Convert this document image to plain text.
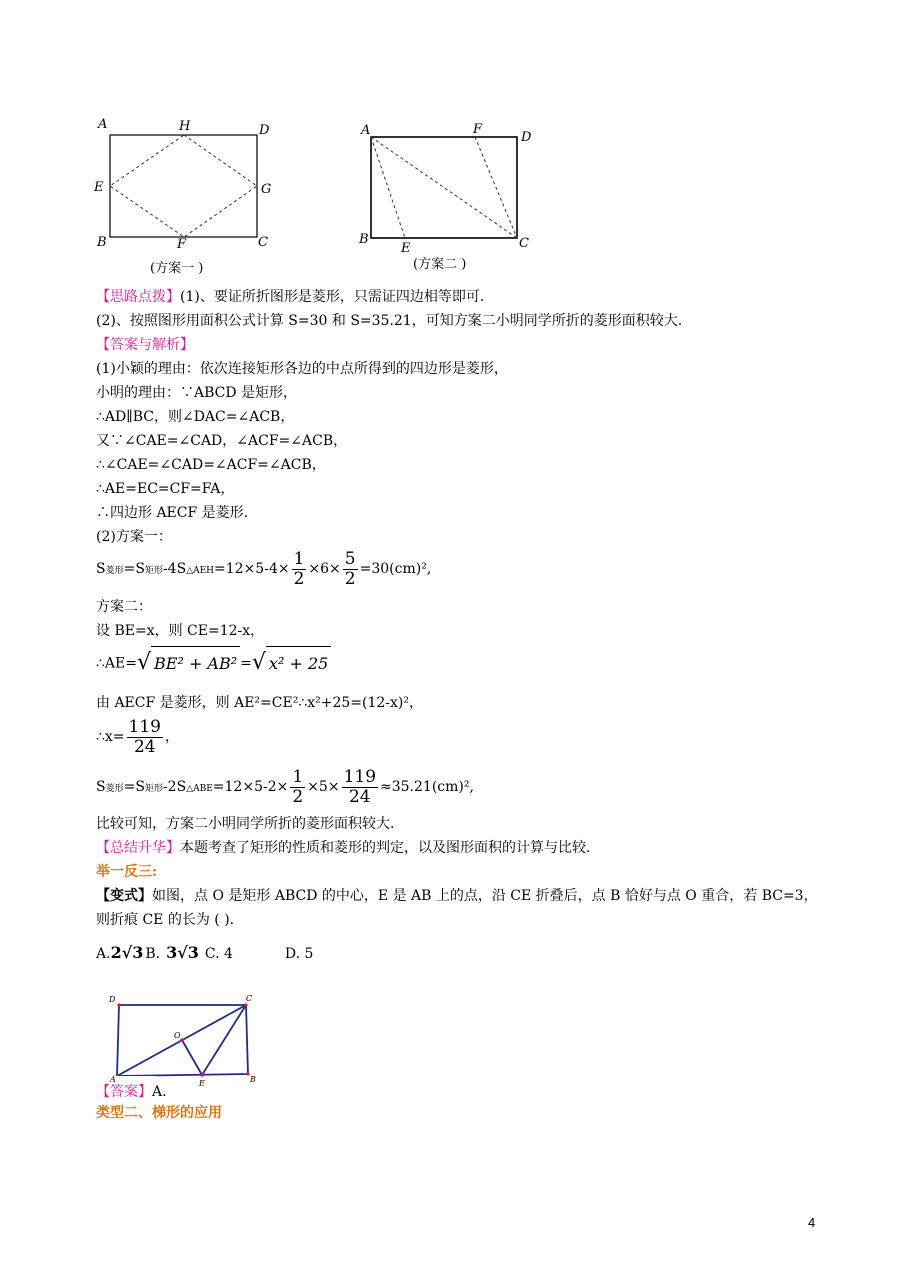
A	H	D
E	G
B	F	C
(方案一 )
A	F
D
B
E	C
(方案二 )
【思路点拨】(1)、要证所折图形是菱形，只需证四边相等即可.
(2)、按照图形用面积公式计算 S=30 和 S=35.21，可知方案二小明同学所折的菱形面积较大.
【答案与解析】
(1)小颖的理由：依次连接矩形各边的中点所得到的四边形是菱形，
小明的理由：∵ABCD 是矩形，
∴AD∥BC，则∠DAC=∠ACB，
又∵∠CAE=∠CAD，∠ACF=∠ACB，
∴∠CAE=∠CAD=∠ACF=∠ACB，
∴AE=EC=CF=FA，
∴四边形 AECF 是菱形.
(2)方案一：
S菱形=S矩形-4S△AEH=12×5-4× $\frac{1}{2} \times 6\times \frac{5}{2} =30(cm)^2$,
方案二：
设 BE=x，则 CE=12-x，
∴AE=√ BE² + AB² =√ x² + 25
由 AECF 是菱形，则 AE²=CE²∴x²+25=(12-x)²，
∴x= $\frac{119}{24}$ ，
S菱形=S矩形-2S△ABE=12×5-2× $\frac{1}{2} \times 5\times \frac{119}{24} \approx 35.21(cm)^2$,
比较可知，方案二小明同学所折的菱形面积较大.
【总结升华】本题考查了矩形的性质和菱形的判定，以及图形面积的计算与比较.
举一反三:
【变式】如图，点 O 是矩形 ABCD 的中心，E 是 AB 上的点，沿 CE 折叠后，点 B 恰好与点 O 重合，若 BC=3，
则折痕 CE 的长为 ( ).
A.2√3 B. 3√3 C. 4	D. 5
D	C
O
E	B
【答案】A.
A
类型二、梯形的应用
4
